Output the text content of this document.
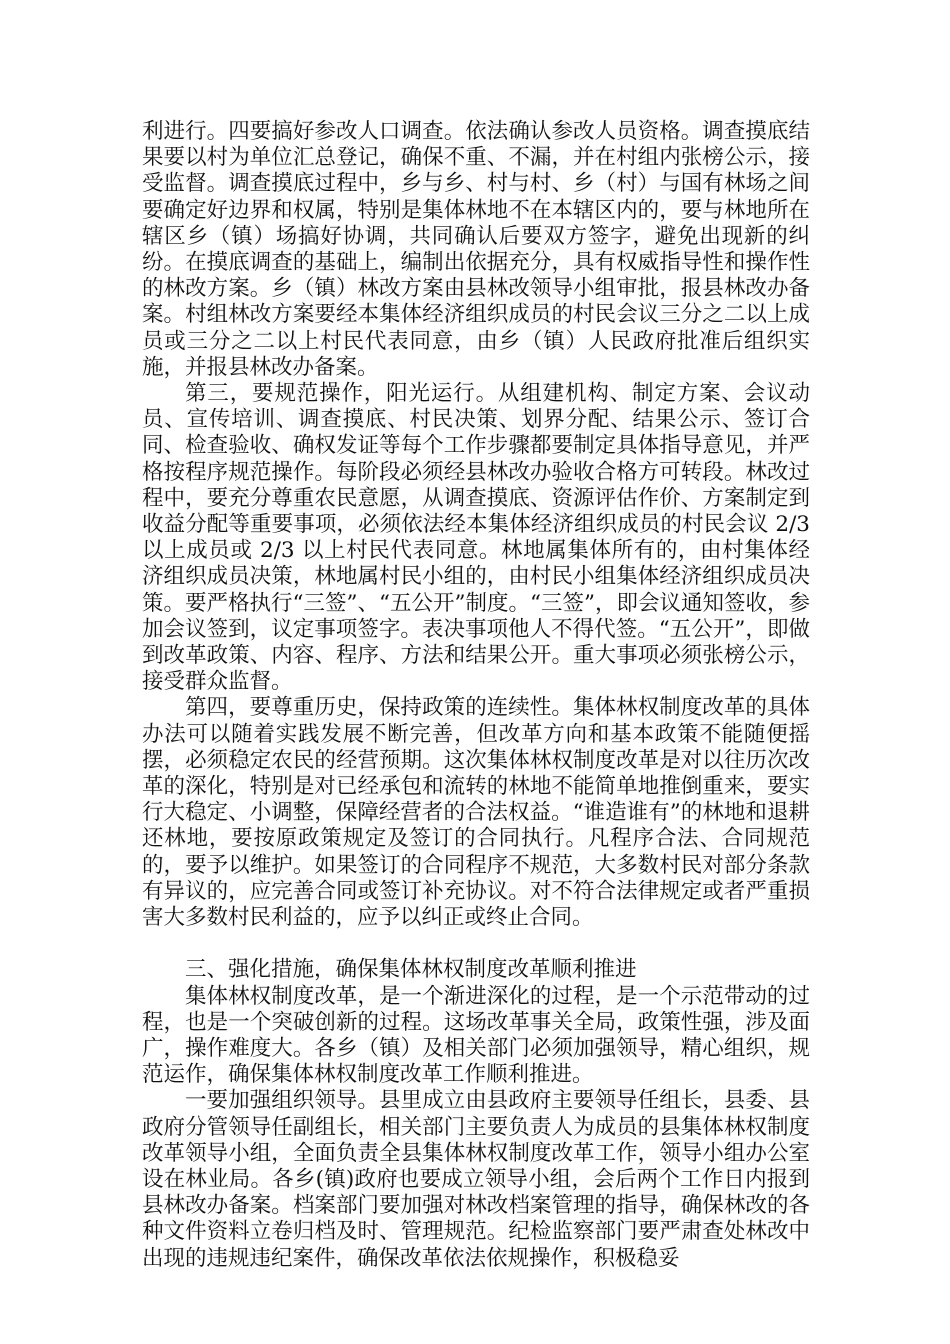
利进行。四要搞好参改人口调查。依法确认参改人员资格。调查摸底结果要以村为单位汇总登记，确保不重、不漏，并在村组内张榜公示，接受监督。调查摸底过程中，乡与乡、村与村、乡（村）与国有林场之间要确定好边界和权属，特别是集体林地不在本辖区内的，要与林地所在辖区乡（镇）场搞好协调，共同确认后要双方签字，避免出现新的纠纷。在摸底调查的基础上，编制出依据充分，具有权威指导性和操作性的林改方案。乡（镇）林改方案由县林改领导小组审批，报县林改办备案。村组林改方案要经本集体经济组织成员的村民会议三分之二以上成员或三分之二以上村民代表同意，由乡（镇）人民政府批准后组织实施，并报县林改办备案。

第三，要规范操作，阳光运行。从组建机构、制定方案、会议动员、宣传培训、调查摸底、村民决策、划界分配、结果公示、签订合同、检查验收、确权发证等每个工作步骤都要制定具体指导意见，并严格按程序规范操作。每阶段必须经县林改办验收合格方可转段。林改过程中，要充分尊重农民意愿，从调查摸底、资源评估作价、方案制定到收益分配等重要事项，必须依法经本集体经济组织成员的村民会议 2/3 以上成员或 2/3 以上村民代表同意。林地属集体所有的，由村集体经济组织成员决策，林地属村民小组的，由村民小组集体经济组织成员决策。要严格执行“三签”、“五公开”制度。“三签”，即会议通知签收，参加会议签到，议定事项签字。表决事项他人不得代签。“五公开”，即做到改革政策、内容、程序、方法和结果公开。重大事项必须张榜公示，接受群众监督。

第四，要尊重历史，保持政策的连续性。集体林权制度改革的具体办法可以随着实践发展不断完善，但改革方向和基本政策不能随便摇摆，必须稳定农民的经营预期。这次集体林权制度改革是对以往历次改革的深化，特别是对已经承包和流转的林地不能简单地推倒重来，要实行大稳定、小调整，保障经营者的合法权益。“谁造谁有”的林地和退耕还林地，要按原政策规定及签订的合同执行。凡程序合法、合同规范的，要予以维护。如果签订的合同程序不规范，大多数村民对部分条款有异议的，应完善合同或签订补充协议。对不符合法律规定或者严重损害大多数村民利益的，应予以纠正或终止合同。

三、强化措施，确保集体林权制度改革顺利推进

集体林权制度改革，是一个渐进深化的过程，是一个示范带动的过程，也是一个突破创新的过程。这场改革事关全局，政策性强，涉及面广，操作难度大。各乡（镇）及相关部门必须加强领导，精心组织，规范运作，确保集体林权制度改革工作顺利推进。

一要加强组织领导。县里成立由县政府主要领导任组长，县委、县政府分管领导任副组长，相关部门主要负责人为成员的县集体林权制度改革领导小组，全面负责全县集体林权制度改革工作，领导小组办公室设在林业局。各乡(镇)政府也要成立领导小组，会后两个工作日内报到县林改办备案。档案部门要加强对林改档案管理的指导，确保林改的各种文件资料立卷归档及时、管理规范。纪检监察部门要严肃查处林改中出现的违规违纪案件，确保改革依法依规操作，积极稳妥
